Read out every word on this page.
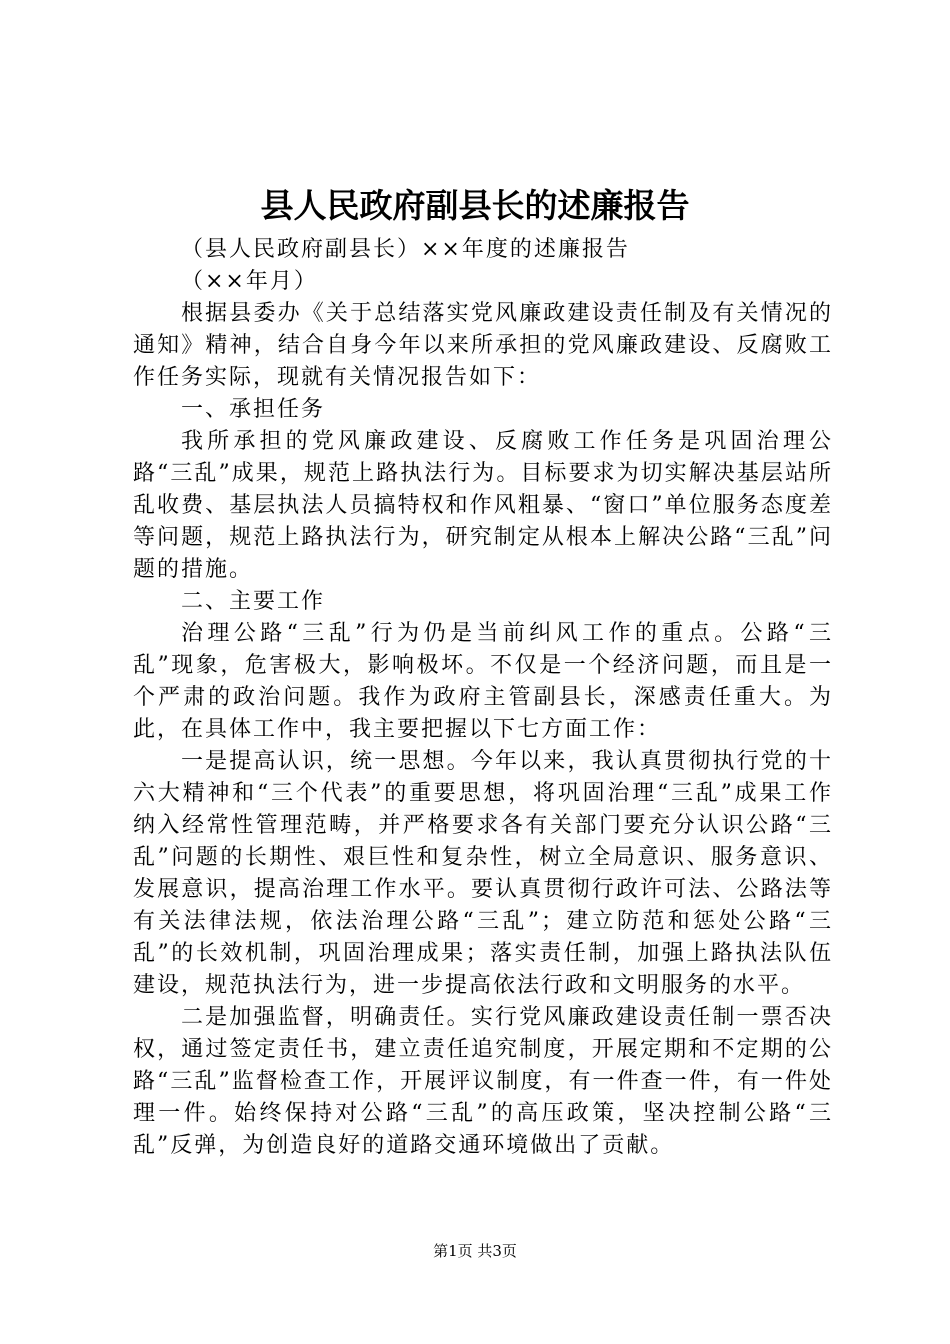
县人民政府副县长的述廉报告

（县人民政府副县长）××年度的述廉报告

（××年月）

根据县委办《关于总结落实党风廉政建设责任制及有关情况的通知》精神，结合自身今年以来所承担的党风廉政建设、反腐败工作任务实际，现就有关情况报告如下：

一、承担任务

我所承担的党风廉政建设、反腐败工作任务是巩固治理公路“三乱”成果，规范上路执法行为。目标要求为切实解决基层站所乱收费、基层执法人员搞特权和作风粗暴、“窗口”单位服务态度差等问题，规范上路执法行为，研究制定从根本上解决公路“三乱”问题的措施。

二、主要工作

治理公路“三乱”行为仍是当前纠风工作的重点。公路“三乱”现象，危害极大，影响极坏。不仅是一个经济问题，而且是一个严肃的政治问题。我作为政府主管副县长，深感责任重大。为此，在具体工作中，我主要把握以下七方面工作：

一是提高认识，统一思想。今年以来，我认真贯彻执行党的十六大精神和“三个代表”的重要思想，将巩固治理“三乱”成果工作纳入经常性管理范畴，并严格要求各有关部门要充分认识公路“三乱”问题的长期性、艰巨性和复杂性，树立全局意识、服务意识、发展意识，提高治理工作水平。要认真贯彻行政许可法、公路法等有关法律法规，依法治理公路“三乱”；建立防范和惩处公路“三乱”的长效机制，巩固治理成果；落实责任制，加强上路执法队伍建设，规范执法行为，进一步提高依法行政和文明服务的水平。

二是加强监督，明确责任。实行党风廉政建设责任制一票否决权，通过签定责任书，建立责任追究制度，开展定期和不定期的公路“三乱”监督检查工作，开展评议制度，有一件查一件，有一件处理一件。始终保持对公路“三乱”的高压政策，坚决控制公路“三乱”反弹，为创造良好的道路交通环境做出了贡献。

第1页 共3页
